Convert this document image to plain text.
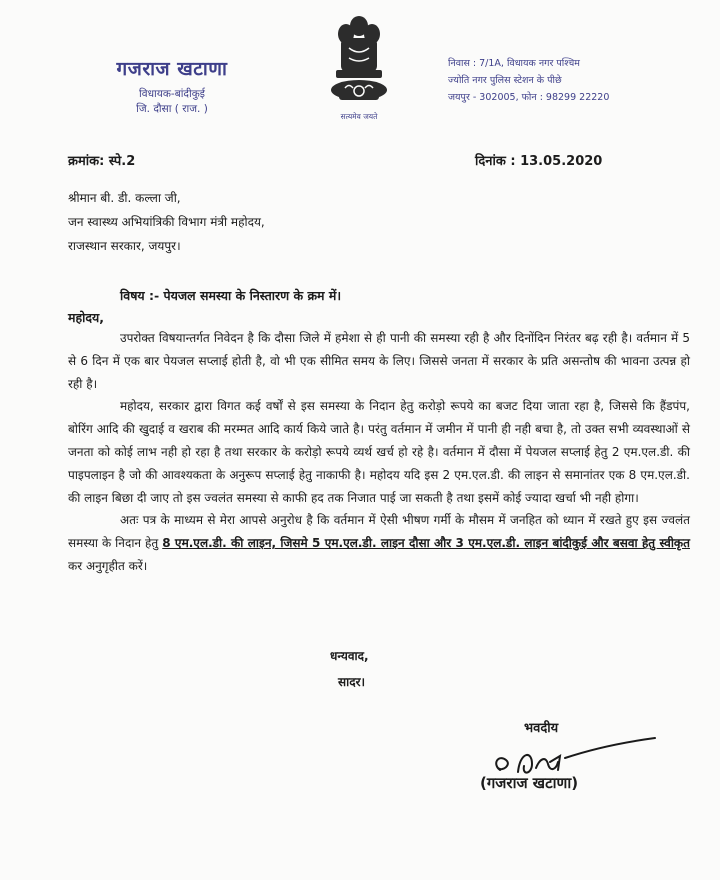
गजराज खटाणा
विधायक-बांदीकुई
जि. दौसा ( राज. )
सत्यमेव जयते
निवास : 7/1A, विधायक नगर पश्चिम
ज्योति नगर पुलिस स्टेशन के पीछे
जयपुर - 302005, फोन : 98299 22220
क्रमांक: स्पे.2	दिनांक : 13.05.2020
श्रीमान बी. डी. कल्ला जी,
जन स्वास्थ्य अभियांत्रिकी विभाग मंत्री महोदय,
राजस्थान सरकार, जयपुर।
विषय :- पेयजल समस्या के निस्तारण के क्रम में।
महोदय,

उपरोक्त विषयान्तर्गत निवेदन है कि दौसा जिले में हमेशा से ही पानी की समस्या रही है और दिनोंदिन निरंतर बढ़ रही है। वर्तमान में 5 से 6 दिन में एक बार पेयजल सप्लाई होती है, वो भी एक सीमित समय के लिए। जिससे जनता में सरकार के प्रति असन्तोष की भावना उत्पन्न हो रही है।

महोदय, सरकार द्वारा विगत कई वर्षों से इस समस्या के निदान हेतु करोड़ो रूपये का बजट दिया जाता रहा है, जिससे कि हैंडपंप, बोरिंग आदि की खुदाई व खराब की मरम्मत आदि कार्य किये जाते है। परंतु वर्तमान में जमीन में पानी ही नही बचा है, तो उक्त सभी व्यवस्थाओं से जनता को कोई लाभ नही हो रहा है तथा सरकार के करोड़ो रूपये व्यर्थ खर्च हो रहे है। वर्तमान में दौसा में पेयजल सप्लाई हेतु 2 एम.एल.डी. की पाइपलाइन है जो की आवश्यकता के अनुरूप सप्लाई हेतु नाकाफी है। महोदय यदि इस 2 एम.एल.डी. की लाइन से समानांतर एक 8 एम.एल.डी. की लाइन बिछा दी जाए तो इस ज्वलंत समस्या से काफी हद तक निजात पाई जा सकती है तथा इसमें कोई ज्यादा खर्चा भी नही होगा।

अतः पत्र के माध्यम से मेरा आपसे अनुरोध है कि वर्तमान में ऐसी भीषण गर्मी के मौसम में जनहित को ध्यान में रखते हुए इस ज्वलंत समस्या के निदान हेतु 8 एम.एल.डी. की लाइन, जिसमे 5 एम.एल.डी. लाइन दौसा और 3 एम.एल.डी. लाइन बांदीकुई और बसवा हेतु स्वीकृत कर अनुगृहीत करें।

धन्यवाद,
सादर।
भवदीय
(गजराज खटाणा)
